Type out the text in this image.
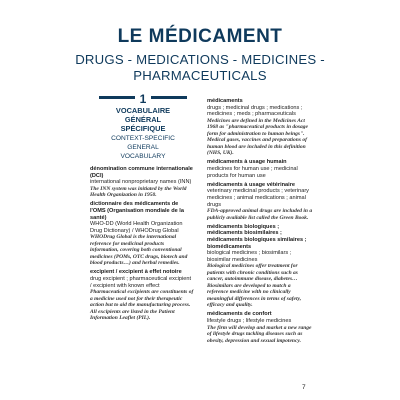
LE MÉDICAMENT

DRUGS - MEDICATIONS - MEDICINES -
PHARMACEUTICALS

1
VOCABULAIRE GÉNÉRAL
SPÉCIFIQUE
CONTEXT-SPECIFIC GENERAL
VOCABULARY
dénomination commune internationale (DCI)
international nonproprietary names (INN)
The INN system was initiated by the World Health Organization in 1950.
dictionnaire des médicaments de l'OMS (Organisation mondiale de la santé)
WHO-DD (World Health Organization Drug Dictionary) / WHODrug Global
WHODrug Global is the international reference for medicinal products information, covering both conventional medicines (POMs, OTC drugs, biotech and blood products…) and herbal remedies.
excipient / excipient à effet notoire
drug excipient ; pharmaceutical excipient / excipient with known effect
Pharmaceutical excipients are constituents of a medicine used not for their therapeutic action but to aid the manufacturing process. All excipients are listed in the Patient Information Leaflet (PIL).
médicaments
drugs ; medicinal drugs ; medications ; medicines ; meds ; pharmaceuticals
Medicines are defined in the Medicines Act 1968 as "pharmaceutical products in dosage form for administration to human beings". Medical gases, vaccines and preparations of human blood are included in this definition (NHS, UK).
médicaments à usage humain
medicines for human use ; medicinal products for human use
médicaments à usage vétérinaire
veterinary medicinal products ; veterinary medicines ; animal medications ; animal drugs
FDA-approved animal drugs are included in a publicly available list called the Green Book.
médicaments biologiques ; médicaments biosimilaires ; médicaments biologiques similaires ; biomédicaments
biological medicines ; biosimilars ; biosimilar medicines
Biological medicines offer treatment for patients with chronic conditions such as cancer, autoimmune disease, diabetes… Biosimilars are developed to match a reference medicine with no clinically meaningful differences in terms of safety, efficacy and quality.
médicaments de confort
lifestyle drugs ; lifestyle medicines
The firm will develop and market a new range of lifestyle drugs tackling diseases such as obesity, depression and sexual impotency.
7
